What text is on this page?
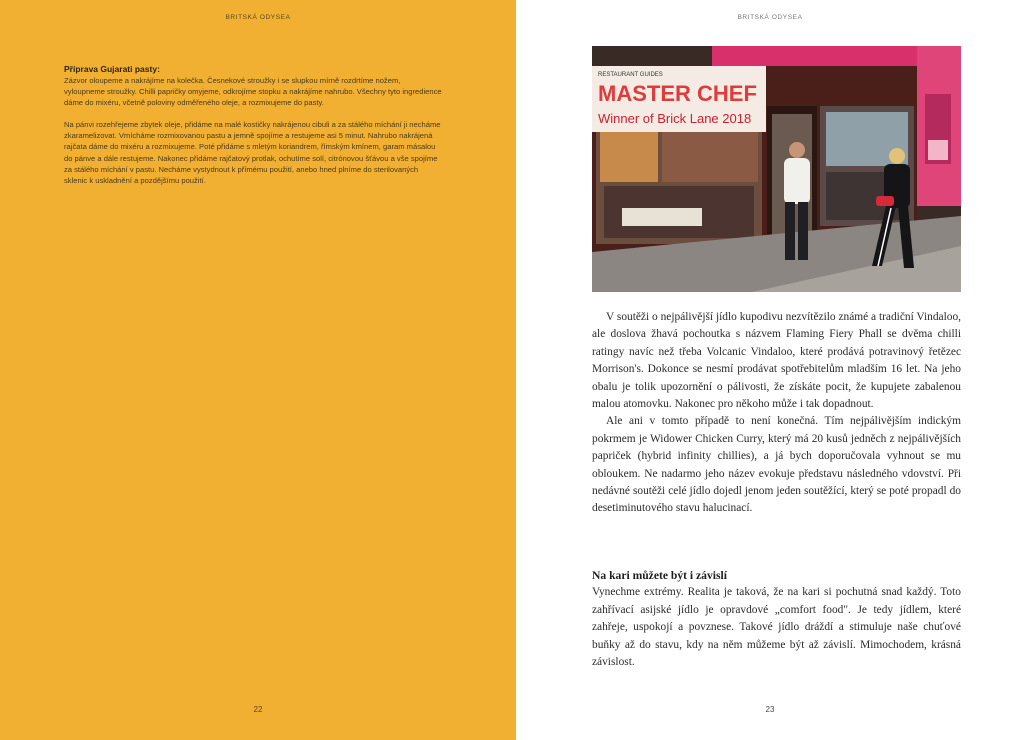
BRITSKÁ ODYSEA
Příprava Gujarati pasty:

Zázvor oloupeme a nakrájíme na kolečka. Česnekové stroužky i se slupkou mírně rozdrtíme nožem, vyloupneme stroužky. Chilli papričky omyjeme, odkrojíme stopku a nakrájíme nahrubo. Všechny tyto ingredience dáme do mixéru, včetně poloviny odměřeného oleje, a rozmixujeme do pasty.

Na pánvi rozehřejeme zbytek oleje, přidáme na malé kostičky nakrájenou cibuli a za stálého míchání ji necháme zkaramelizovat. Vmícháme rozmixovanou pastu a jemně spojíme a restujeme asi 5 minut. Nahrubo nakrájená rajčata dáme do mixéru a rozmixujeme. Poté přidáme s mletým koriandrem, římským kmínem, garam másalou do pánve a dále restujeme. Nakonec přidáme rajčatový protlak, ochutíme solí, citrónovou šťávou a vše spojíme za stálého míchání v pastu. Necháme vystydnout k přímému použití, anebo hned plníme do sterilovaných sklenic k uskladnění a pozdějšímu použití.

22
BRITSKÁ ODYSEA
RESTAURANT GUIDES
MASTER CHEF
Winner of Brick Lane 2018

V soutěži o nejpálivější jídlo kupodivu nezvítězilo známé a tradiční Vindaloo, ale doslova žhavá pochoutka s názvem Flaming Fiery Phall se dvěma chilli ratingy navíc než třeba Volcanic Vindaloo, které prodává potravinový řetězec Morrison's. Dokonce se nesmí prodávat spotřebitelům mladším 16 let. Na jeho obalu je tolik upozornění o pálivosti, že získáte pocit, že kupujete zabalenou malou atomovku. Nakonec pro někoho může i tak dopadnout.

Ale ani v tomto případě to není konečná. Tím nejpálivějším indickým pokrmem je Widower Chicken Curry, který má 20 kusů jedněch z nejpálivějších papriček (hybrid infinity chillies), a já bych doporučovala vyhnout se mu obloukem. Ne nadarmo jeho název evokuje představu následného vdovství. Při nedávné soutěži celé jídlo dojedl jenom jeden soutěžící, který se poté propadl do desetiminutového stavu halucinací.

Na kari můžete být i závislí

Vynechme extrémy. Realita je taková, že na kari si pochutná snad každý. Toto zahřívací asijské jídlo je opravdové „comfort food". Je tedy jídlem, které zahřeje, uspokojí a povznese. Takové jídlo dráždí a stimuluje naše chuťové buňky až do stavu, kdy na něm můžeme být až závislí. Mimochodem, krásná závislost.

23
